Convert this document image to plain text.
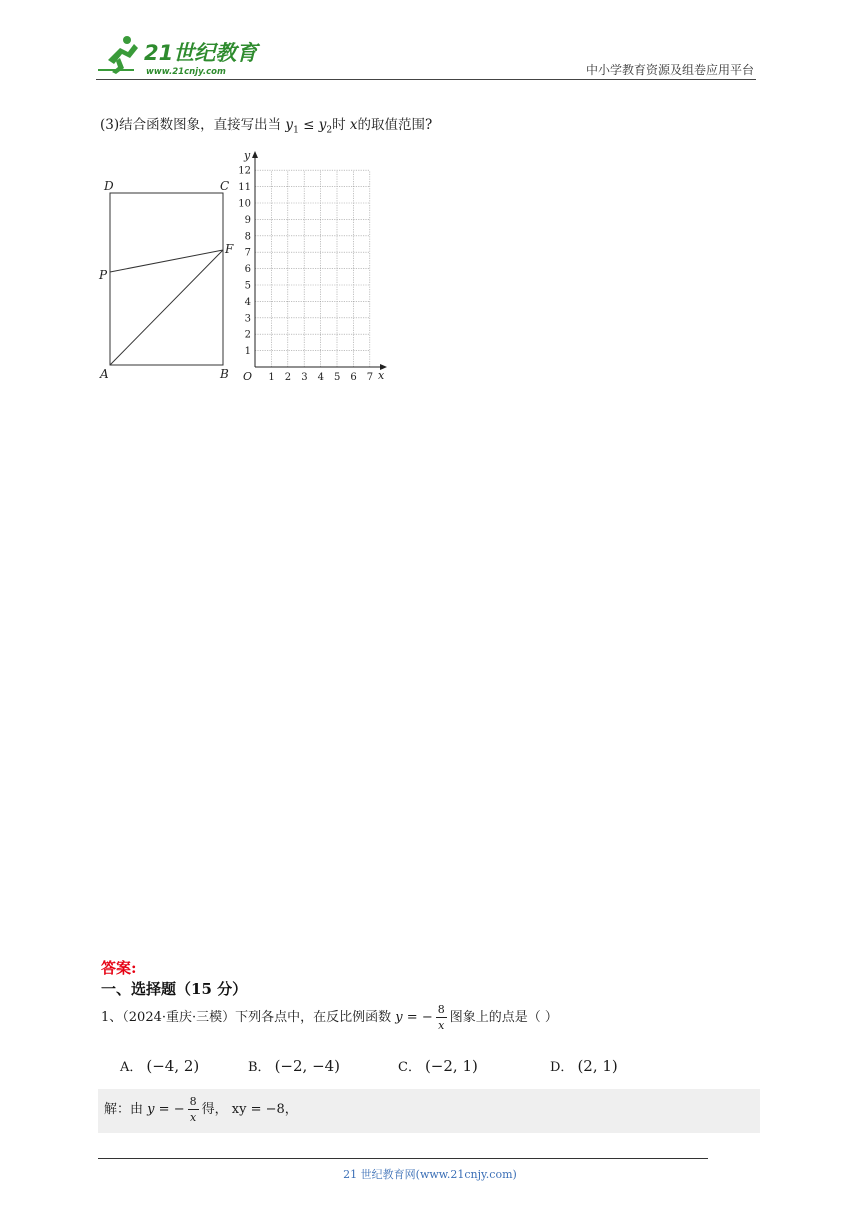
21世纪教育
www.21cnjy.com	中小学教育资源及组卷应用平台
(3)结合函数图象，直接写出当 $y_1 \le y_2$时 x的取值范围?
D	C
F
P
A	B
y
x
O 1 2 3 4 5 6 7
1
2
3
4
5
6
7
8
9
10
11
12
答案:
一、选择题（15 分）
1、（2024·重庆·三模）下列各点中，在反比例函数 y = − $\frac{8}{x}$ 图象上的点是（ ）
A． (−4, 2)	B． (−2, −4)	C． (−2, 1)	D． (2, 1)
解：由 y = − $\frac{8}{x}$ 得， xy = −8，
21 世纪教育网(www.21cnjy.com)
